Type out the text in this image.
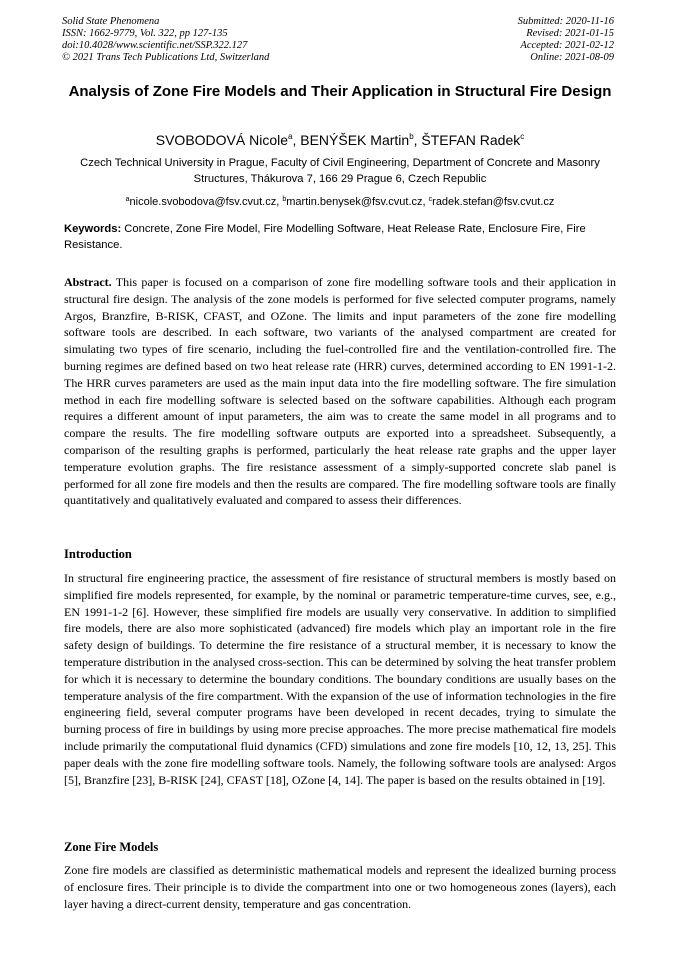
Solid State Phenomena
ISSN: 1662-9779, Vol. 322, pp 127-135
doi:10.4028/www.scientific.net/SSP.322.127
© 2021 Trans Tech Publications Ltd, Switzerland
Submitted: 2020-11-16
Revised: 2021-01-15
Accepted: 2021-02-12
Online: 2021-08-09
Analysis of Zone Fire Models and Their Application in Structural Fire Design
SVOBODOVÁ Nicole$^a$, BENÝŠEK Martin$^b$, ŠTEFAN Radek$^c$
Czech Technical University in Prague, Faculty of Civil Engineering, Department of Concrete and Masonry Structures, Thákurova 7, 166 29 Prague 6, Czech Republic
$^a$nicole.svobodova@fsv.cvut.cz, $^b$martin.benysek@fsv.cvut.cz, $^c$radek.stefan@fsv.cvut.cz
Keywords: Concrete, Zone Fire Model, Fire Modelling Software, Heat Release Rate, Enclosure Fire, Fire Resistance.
Abstract. This paper is focused on a comparison of zone fire modelling software tools and their application in structural fire design. The analysis of the zone models is performed for five selected computer programs, namely Argos, Branzfire, B-RISK, CFAST, and OZone. The limits and input parameters of the zone fire modelling software tools are described. In each software, two variants of the analysed compartment are created for simulating two types of fire scenario, including the fuel-controlled fire and the ventilation-controlled fire. The burning regimes are defined based on two heat release rate (HRR) curves, determined according to EN 1991-1-2. The HRR curves parameters are used as the main input data into the fire modelling software. The fire simulation method in each fire modelling software is selected based on the software capabilities. Although each program requires a different amount of input parameters, the aim was to create the same model in all programs and to compare the results. The fire modelling software outputs are exported into a spreadsheet. Subsequently, a comparison of the resulting graphs is performed, particularly the heat release rate graphs and the upper layer temperature evolution graphs. The fire resistance assessment of a simply-supported concrete slab panel is performed for all zone fire models and then the results are compared. The fire modelling software tools are finally quantitatively and qualitatively evaluated and compared to assess their differences.
Introduction
In structural fire engineering practice, the assessment of fire resistance of structural members is mostly based on simplified fire models represented, for example, by the nominal or parametric temperature-time curves, see, e.g., EN 1991-1-2 [6]. However, these simplified fire models are usually very conservative. In addition to simplified fire models, there are also more sophisticated (advanced) fire models which play an important role in the fire safety design of buildings. To determine the fire resistance of a structural member, it is necessary to know the temperature distribution in the analysed cross-section. This can be determined by solving the heat transfer problem for which it is necessary to determine the boundary conditions. The boundary conditions are usually bases on the temperature analysis of the fire compartment. With the expansion of the use of information technologies in the fire engineering field, several computer programs have been developed in recent decades, trying to simulate the burning process of fire in buildings by using more precise approaches. The more precise mathematical fire models include primarily the computational fluid dynamics (CFD) simulations and zone fire models [10, 12, 13, 25]. This paper deals with the zone fire modelling software tools. Namely, the following software tools are analysed: Argos [5], Branzfire [23], B-RISK [24], CFAST [18], OZone [4, 14]. The paper is based on the results obtained in [19].
Zone Fire Models
Zone fire models are classified as deterministic mathematical models and represent the idealized burning process of enclosure fires. Their principle is to divide the compartment into one or two homogeneous zones (layers), each layer having a direct-current density, temperature and gas concentration.
